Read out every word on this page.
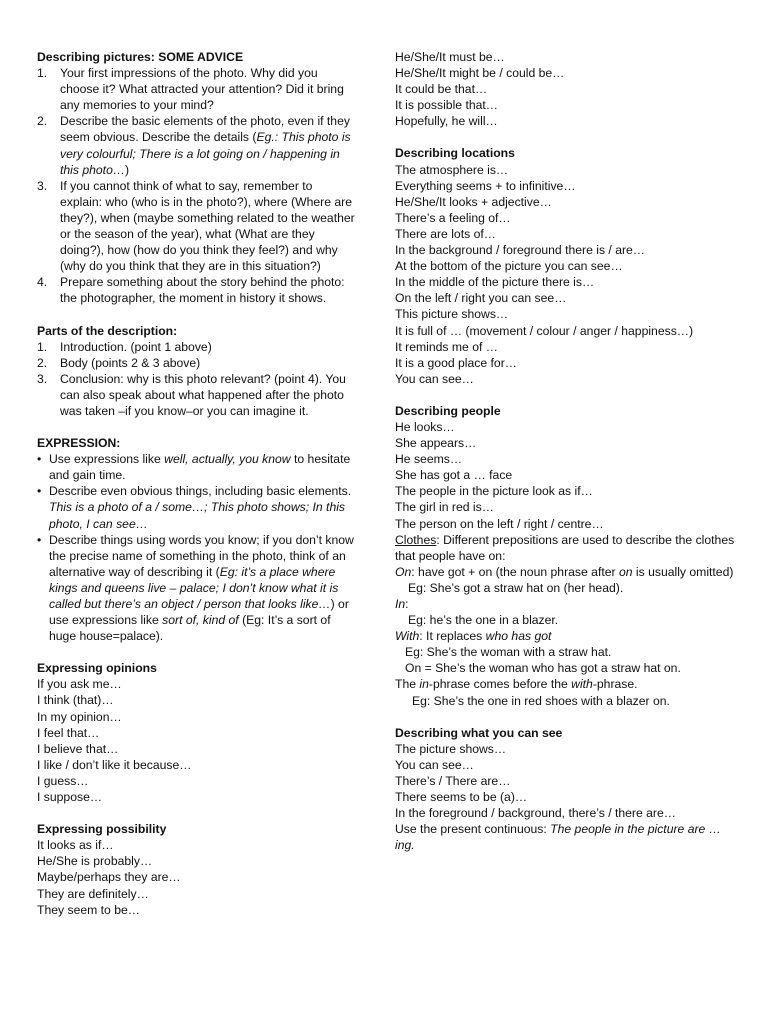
Describing pictures: SOME ADVICE

1. Your first impressions of the photo. Why did you choose it? What attracted your attention? Did it bring any memories to your mind?
2. Describe the basic elements of the photo, even if they seem obvious. Describe the details (Eg.: This photo is very colourful; There is a lot going on / happening in this photo…)
3. If you cannot think of what to say, remember to explain: who (who is in the photo?), where (Where are they?), when (maybe something related to the weather or the season of the year), what (What are they doing?), how (how do you think they feel?) and why (why do you think that they are in this situation?)
4. Prepare something about the story behind the photo: the photographer, the moment in history it shows.

Parts of the description:

1. Introduction. (point 1 above)
2. Body (points 2 & 3 above)
3. Conclusion: why is this photo relevant? (point 4). You can also speak about what happened after the photo was taken –if you know–or you can imagine it.

EXPRESSION:

• Use expressions like well, actually, you know to hesitate and gain time.
• Describe even obvious things, including basic elements. This is a photo of a / some…; This photo shows; In this photo, I can see…
• Describe things using words you know; if you don’t know the precise name of something in the photo, think of an alternative way of describing it (Eg: it’s a place where kings and queens live – palace; I don’t know what it is called but there’s an object / person that looks like…) or use expressions like sort of, kind of (Eg: It’s a sort of huge house=palace).

Expressing opinions

If you ask me…

I think (that)…

In my opinion…

I feel that…

I believe that…

I like / don’t like it because…

I guess…

I suppose…

Expressing possibility

It looks as if…

He/She is probably…

Maybe/perhaps they are…

They are definitely…

They seem to be…

He/She/It must be…

He/She/It might be / could be…

It could be that…

It is possible that…

Hopefully, he will…

Describing locations

The atmosphere is…

Everything seems + to infinitive…

He/She/It looks + adjective…

There’s a feeling of…

There are lots of…

In the background / foreground there is / are…

At the bottom of the picture you can see…

In the middle of the picture there is…

On the left / right you can see…

This picture shows…

It is full of … (movement / colour / anger / happiness…)

It reminds me of …

It is a good place for…

You can see…

Describing people

He looks…

She appears…

He seems…

She has got a … face

The people in the picture look as if…

The girl in red is…

The person on the left / right / centre…

Clothes: Different prepositions are used to describe the clothes that people have on:

On: have got + on (the noun phrase after on is usually omitted)

Eg: She’s got a straw hat on (her head).

In:

Eg: he’s the one in a blazer.

With: It replaces who has got

Eg: She’s the woman with a straw hat.

On = She’s the woman who has got a straw hat on.

The in-phrase comes before the with-phrase.

Eg: She’s the one in red shoes with a blazer on.

Describing what you can see

The picture shows…

You can see…

There’s / There are…

There seems to be (a)…

In the foreground / background, there’s / there are…

Use the present continuous: The people in the picture are …ing.
